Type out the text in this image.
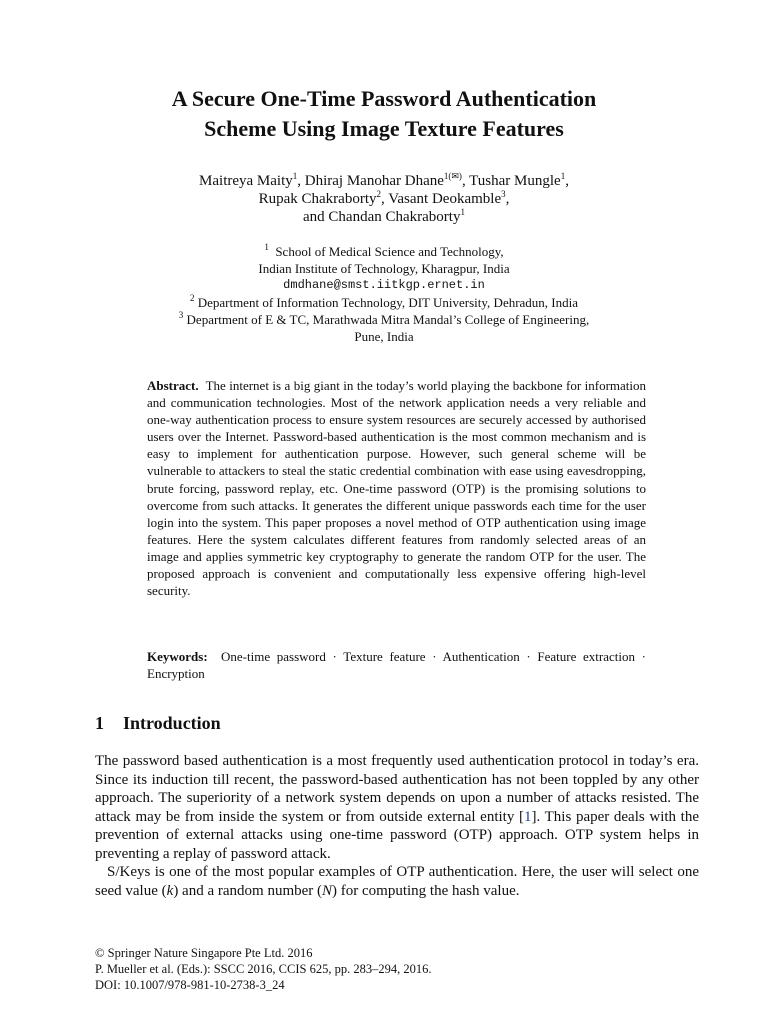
A Secure One-Time Password Authentication
Scheme Using Image Texture Features
Maitreya Maity$^1$, Dhiraj Manohar Dhane$^{1(✉)}$, Tushar Mungle$^1$,
Rupak Chakraborty$^2$, Vasant Deokamble$^3$,
and Chandan Chakraborty$^1$
$^1$ School of Medical Science and Technology,
Indian Institute of Technology, Kharagpur, India
dmdhane@smst.iitkgp.ernet.in
$^2$ Department of Information Technology, DIT University, Dehradun, India
$^3$ Department of E & TC, Marathwada Mitra Mandal’s College of Engineering,
Pune, India

Abstract. The internet is a big giant in the today’s world playing the backbone for information and communication technologies. Most of the network application needs a very reliable and one-way authentication process to ensure system resources are securely accessed by authorised users over the Internet. Password-based authentication is the most common mechanism and is easy to implement for authentication purpose. However, such general scheme will be vulnerable to attackers to steal the static credential combination with ease using eavesdropping, brute forcing, password replay, etc. One-time password (OTP) is the promising solutions to overcome from such attacks. It generates the different unique passwords each time for the user login into the system. This paper proposes a novel method of OTP authentication using image features. Here the system calculates different features from randomly selected areas of an image and applies symmetric key cryptography to generate the random OTP for the user. The proposed approach is convenient and computationally less expensive offering high-level security.

Keywords: One-time password · Texture feature · Authentication · Feature extraction · Encryption

1 Introduction

The password based authentication is a most frequently used authentication protocol in today’s era. Since its induction till recent, the password-based authentication has not been toppled by any other approach. The superiority of a network system depends on upon a number of attacks resisted. The attack may be from inside the system or from outside external entity [1]. This paper deals with the prevention of external attacks using one-time password (OTP) approach. OTP system helps in preventing a replay of password attack.

S/Keys is one of the most popular examples of OTP authentication. Here, the user will select one seed value (k) and a random number (N) for computing the hash value.

© Springer Nature Singapore Pte Ltd. 2016
P. Mueller et al. (Eds.): SSCC 2016, CCIS 625, pp. 283–294, 2016.
DOI: 10.1007/978-981-10-2738-3_24
